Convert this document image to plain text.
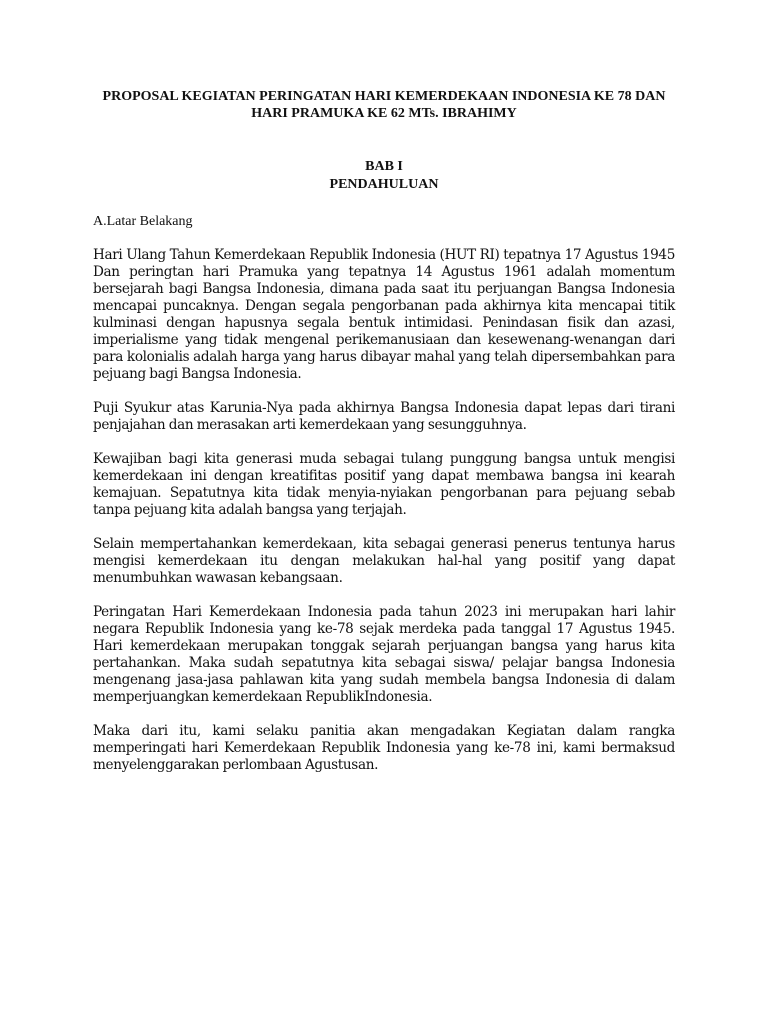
PROPOSAL KEGIATAN PERINGATAN HARI KEMERDEKAAN INDONESIA KE 78 DAN HARI PRAMUKA KE 62 MTs. IBRAHIMY
BAB I
PENDAHULUAN
A.Latar Belakang

Hari Ulang Tahun Kemerdekaan Republik Indonesia (HUT RI) tepatnya 17 Agustus 1945 Dan peringtan hari Pramuka yang tepatnya 14 Agustus 1961 adalah momentum bersejarah bagi Bangsa Indonesia, dimana pada saat itu perjuangan Bangsa Indonesia mencapai puncaknya. Dengan segala pengorbanan pada akhirnya kita mencapai titik kulminasi dengan hapusnya segala bentuk intimidasi. Penindasan fisik dan azasi, imperialisme yang tidak mengenal perikemanusiaan dan kesewenang-wenangan dari para kolonialis adalah harga yang harus dibayar mahal yang telah dipersembahkan para pejuang bagi Bangsa Indonesia.

Puji Syukur atas Karunia-Nya pada akhirnya Bangsa Indonesia dapat lepas dari tirani penjajahan dan merasakan arti kemerdekaan yang sesungguhnya.

Kewajiban bagi kita generasi muda sebagai tulang punggung bangsa untuk mengisi kemerdekaan ini dengan kreatifitas positif yang dapat membawa bangsa ini kearah kemajuan. Sepatutnya kita tidak menyia-nyiakan pengorbanan para pejuang sebab tanpa pejuang kita adalah bangsa yang terjajah.

Selain mempertahankan kemerdekaan, kita sebagai generasi penerus tentunya harus mengisi kemerdekaan itu dengan melakukan hal-hal yang positif yang dapat menumbuhkan wawasan kebangsaan.

Peringatan Hari Kemerdekaan Indonesia pada tahun 2023 ini merupakan hari lahir negara Republik Indonesia yang ke-78 sejak merdeka pada tanggal 17 Agustus 1945. Hari kemerdekaan merupakan tonggak sejarah perjuangan bangsa yang harus kita pertahankan. Maka sudah sepatutnya kita sebagai siswa/ pelajar bangsa Indonesia mengenang jasa-jasa pahlawan kita yang sudah membela bangsa Indonesia di dalam memperjuangkan kemerdekaan RepublikIndonesia.

Maka dari itu, kami selaku panitia akan mengadakan Kegiatan dalam rangka memperingati hari Kemerdekaan Republik Indonesia yang ke-78 ini, kami bermaksud menyelenggarakan perlombaan Agustusan.
